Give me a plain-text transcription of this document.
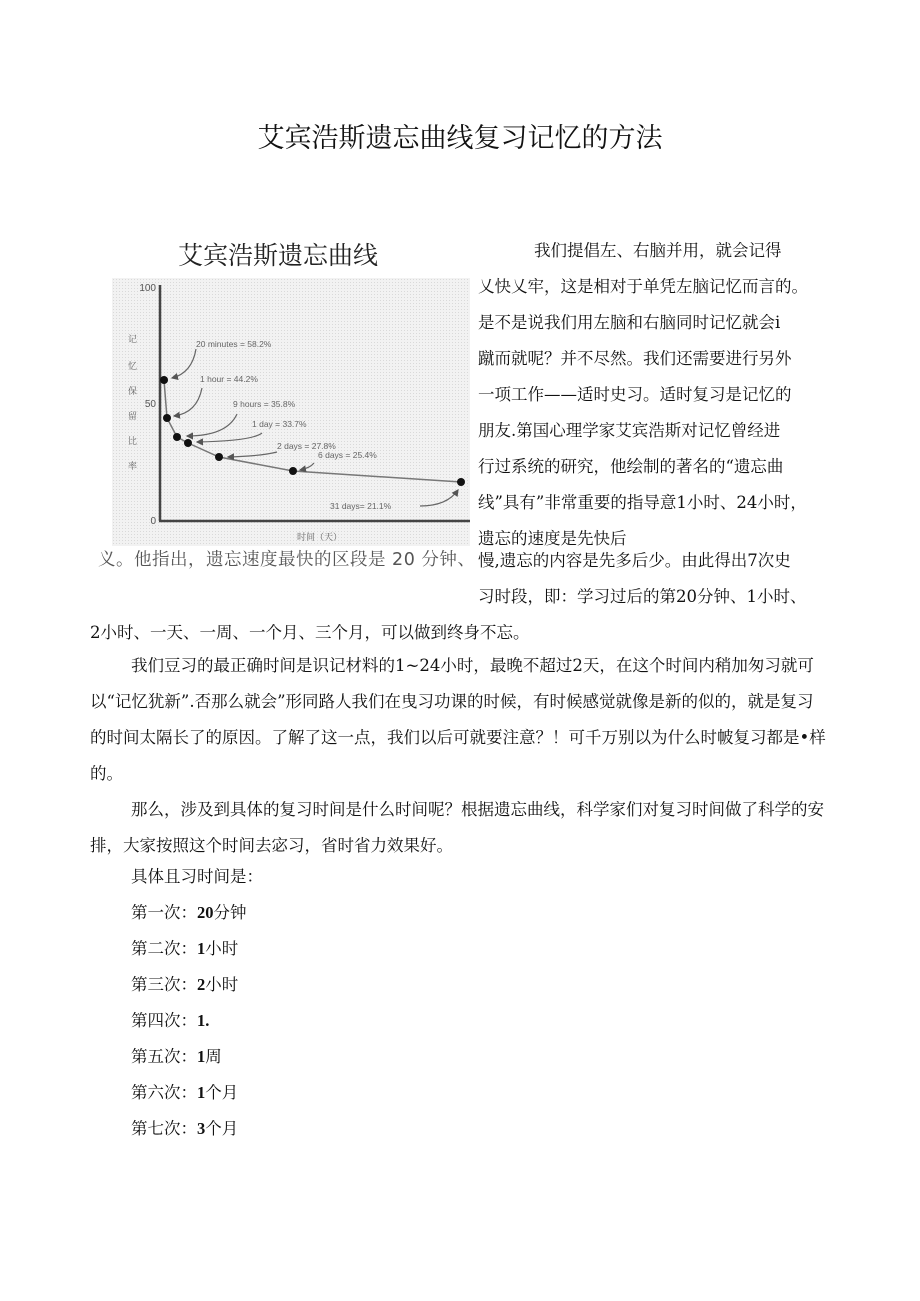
艾宾浩斯遗忘曲线复习记忆的方法
艾宾浩斯遗忘曲线
100
50
0
记
忆
保
留
比
率
时间（天）
20 minutes = 58.2%
1 hour = 44.2%
9 hours = 35.8%
1 day = 33.7%
2 days = 27.8%
6 days = 25.4%
31 days= 21.1%
我们提倡左、右脑并用，就会记得
乂快乂牢，这是相对于单凭左脑记忆而言的。
是不是说我们用左脑和右脑同时记忆就会i
蹴而就呢？并不尽然。我们还需要进行另外
一项工作——适时史习。适时复习是记忆的
朋友.第国心理学家艾宾浩斯对记忆曾经进
行过系统的研究，他绘制的著名的“遗忘曲
线”具有”非常重要的指导意1小时、24小时，
遗忘的速度是先快后
义。他指出，遗忘速度最快的区段是 20 分钟、 慢,遗忘的内容是先多后少。由此得出7次史
习时段，即：学习过后的第20分钟、1小时、
2小时、一天、一周、一个月、三个月，可以做到终身不忘。
我们豆习的最正确时间是识记材料的1~24小时，最晚不超过2天，在这个时间内稍加匆习就可以“记忆犹新”.否那么就会”形同路人我们在曳习功课的时候，有时候感觉就像是新的似的，就是复习的时间太隔长了的原因。了解了这一点，我们以后可就要注意？！可千万别以为什么时帔复习都是•样的。
那么，涉及到具体的复习时间是什么时间呢？根据遗忘曲线，科学家们对复习时间做了科学的安排，大家按照这个时间去宓习，省时省力效果好。
具体且习时间是：
第一次：20分钟
第二次：1小时
第三次：2小时
第四次：1.
第五次：1周
第六次：1个月
第七次：3个月
